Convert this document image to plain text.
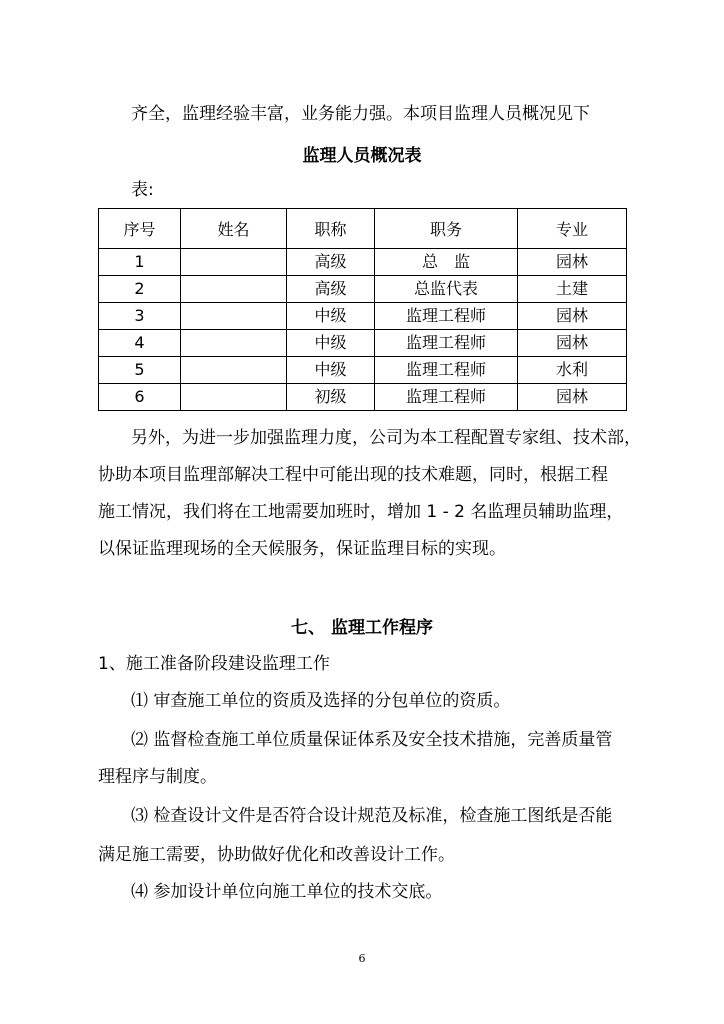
齐全，监理经验丰富，业务能力强。本项目监理人员概况见下
监理人员概况表
表:
序号	姓名	职称	职务	专业
1		高级	总　监	园林
2		高级	总监代表	土建
3		中级	监理工程师	园林
4		中级	监理工程师	园林
5		中级	监理工程师	水利
6		初级	监理工程师	园林
另外，为进一步加强监理力度，公司为本工程配置专家组、技术部，
协助本项目监理部解决工程中可能出现的技术难题，同时，根据工程
施工情况，我们将在工地需要加班时，增加 1 - 2 名监理员辅助监理，
以保证监理现场的全天候服务，保证监理目标的实现。
七、 监理工作程序
1、施工准备阶段建设监理工作
⑴ 审查施工单位的资质及选择的分包单位的资质。
⑵ 监督检查施工单位质量保证体系及安全技术措施，完善质量管
理程序与制度。
⑶ 检查设计文件是否符合设计规范及标准，检查施工图纸是否能
满足施工需要，协助做好优化和改善设计工作。
⑷ 参加设计单位向施工单位的技术交底。
6
